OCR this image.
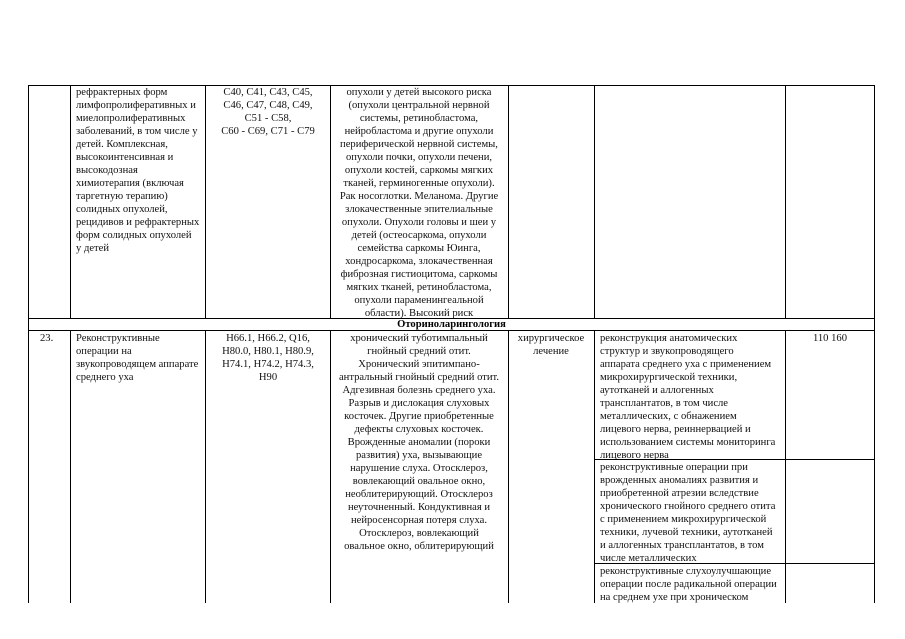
рефрактерных форм
лимфопролиферативных и
миелопролиферативных
заболеваний, в том числе у
детей. Комплексная,
высокоинтенсивная и
высокодозная
химиотерапия (включая
таргетную терапию)
солидных опухолей,
рецидивов и рефрактерных
форм солидных опухолей
у детей
C40, C41, C43, C45,
C46, C47, C48, C49,
C51 - C58,
C60 - C69, C71 - C79
опухоли у детей высокого риска
(опухоли центральной нервной
системы, ретинобластома,
нейробластома и другие опухоли
периферической нервной системы,
опухоли почки, опухоли печени,
опухоли костей, саркомы мягких
тканей, герминогенные опухоли).
Рак носоглотки. Меланома. Другие
злокачественные эпителиальные
опухоли. Опухоли головы и шеи у
детей (остеосаркома, опухоли
семейства саркомы Юинга,
хондросаркома, злокачественная
фиброзная гистиоцитома, саркомы
мягких тканей, ретинобластома,
опухоли параменингеальной
области). Высокий риск
Оториноларингология
23.	Реконструктивные
операции на
звукопроводящем аппарате
среднего уха
H66.1, H66.2, Q16,
H80.0, H80.1, H80.9,
H74.1, H74.2, H74.3,
H90
хронический туботимпальный
гнойный средний отит.
Хронический эпитимпано-
антральный гнойный средний отит.
Адгезивная болезнь среднего уха.
Разрыв и дислокация слуховых
косточек. Другие приобретенные
дефекты слуховых косточек.
Врожденные аномалии (пороки
развития) уха, вызывающие
нарушение слуха. Отосклероз,
вовлекающий овальное окно,
необлитерирующий. Отосклероз
неуточненный. Кондуктивная и
нейросенсорная потеря слуха.
Отосклероз, вовлекающий
овальное окно, облитерирующий
хирургическое
лечение
реконструкция анатомических
структур и звукопроводящего
аппарата среднего уха с применением
микрохирургической техники,
аутотканей и аллогенных
трансплантатов, в том числе
металлических, с обнажением
лицевого нерва, реиннервацией и
использованием системы мониторинга
лицевого нерва
реконструктивные операции при
врожденных аномалиях развития и
приобретенной атрезии вследствие
хронического гнойного среднего отита
с применением микрохирургической
техники, лучевой техники, аутотканей
и аллогенных трансплантатов, в том
числе металлических
реконструктивные слухоулучшающие
операции после радикальной операции
на среднем ухе при хроническом
110 160
